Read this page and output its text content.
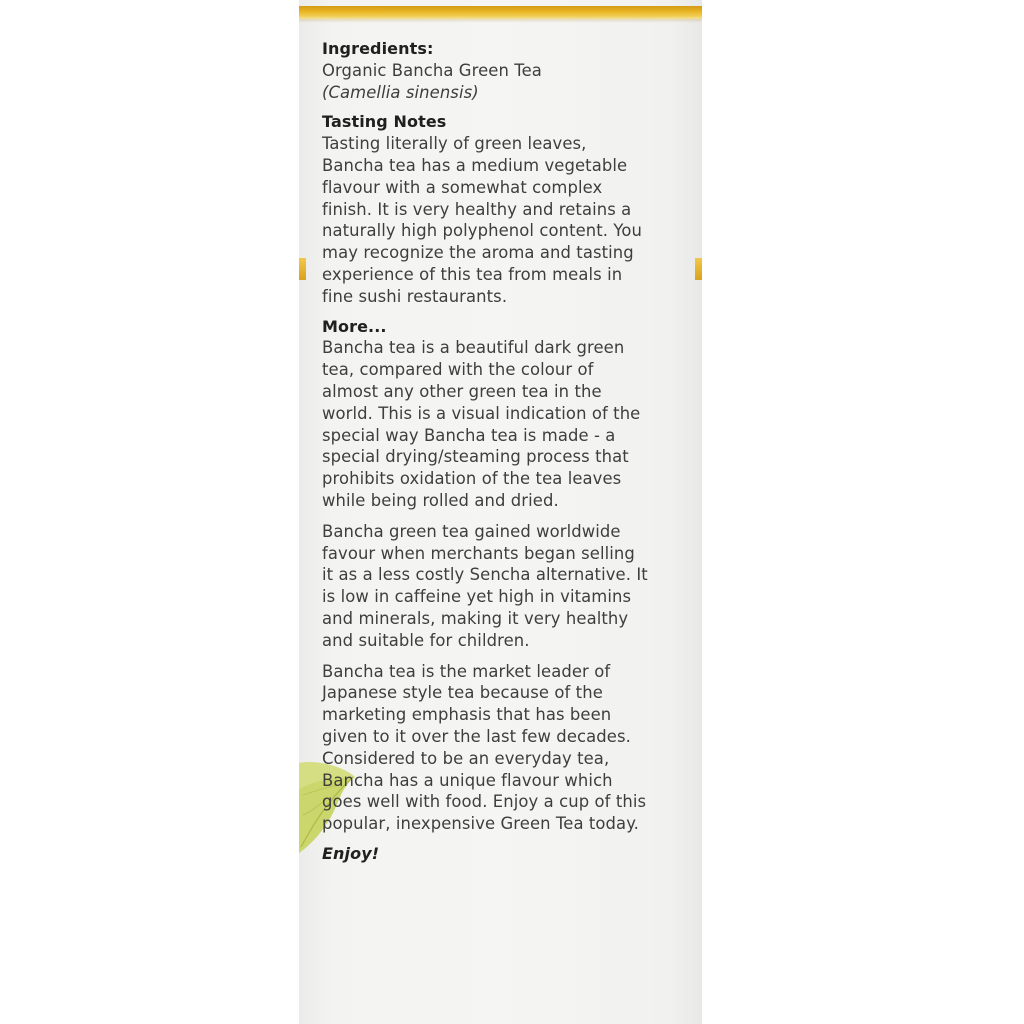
Ingredients:
Organic Bancha Green Tea
(Camellia sinensis)
Tasting Notes
Tasting literally of green leaves,
Bancha tea has a medium vegetable
flavour with a somewhat complex
finish. It is very healthy and retains a
naturally high polyphenol content. You
may recognize the aroma and tasting
experience of this tea from meals in
fine sushi restaurants.
More...
Bancha tea is a beautiful dark green
tea, compared with the colour of
almost any other green tea in the
world. This is a visual indication of the
special way Bancha tea is made - a
special drying/steaming process that
prohibits oxidation of the tea leaves
while being rolled and dried.
Bancha green tea gained worldwide
favour when merchants began selling
it as a less costly Sencha alternative. It
is low in caffeine yet high in vitamins
and minerals, making it very healthy
and suitable for children.
Bancha tea is the market leader of
Japanese style tea because of the
marketing emphasis that has been
given to it over the last few decades.
Considered to be an everyday tea,
Bancha has a unique flavour which
goes well with food. Enjoy a cup of this
popular, inexpensive Green Tea today.
Enjoy!
